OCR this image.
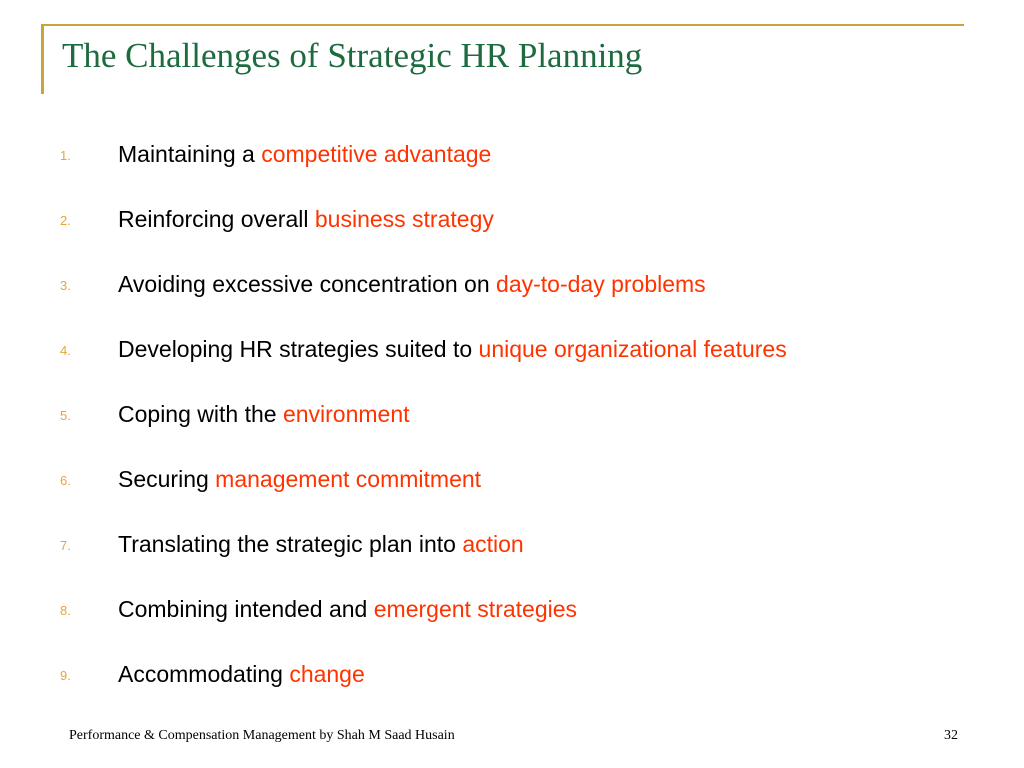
The Challenges of Strategic HR Planning
1.	Maintaining a competitive advantage
2.	Reinforcing overall business strategy
3.	Avoiding excessive concentration on day-to-day problems
4.	Developing HR strategies suited to unique organizational features
5.	Coping with the environment
6.	Securing management commitment
7.	Translating the strategic plan into action
8.	Combining intended and emergent strategies
9.	Accommodating change
Performance & Compensation Management by Shah M Saad Husain	32
